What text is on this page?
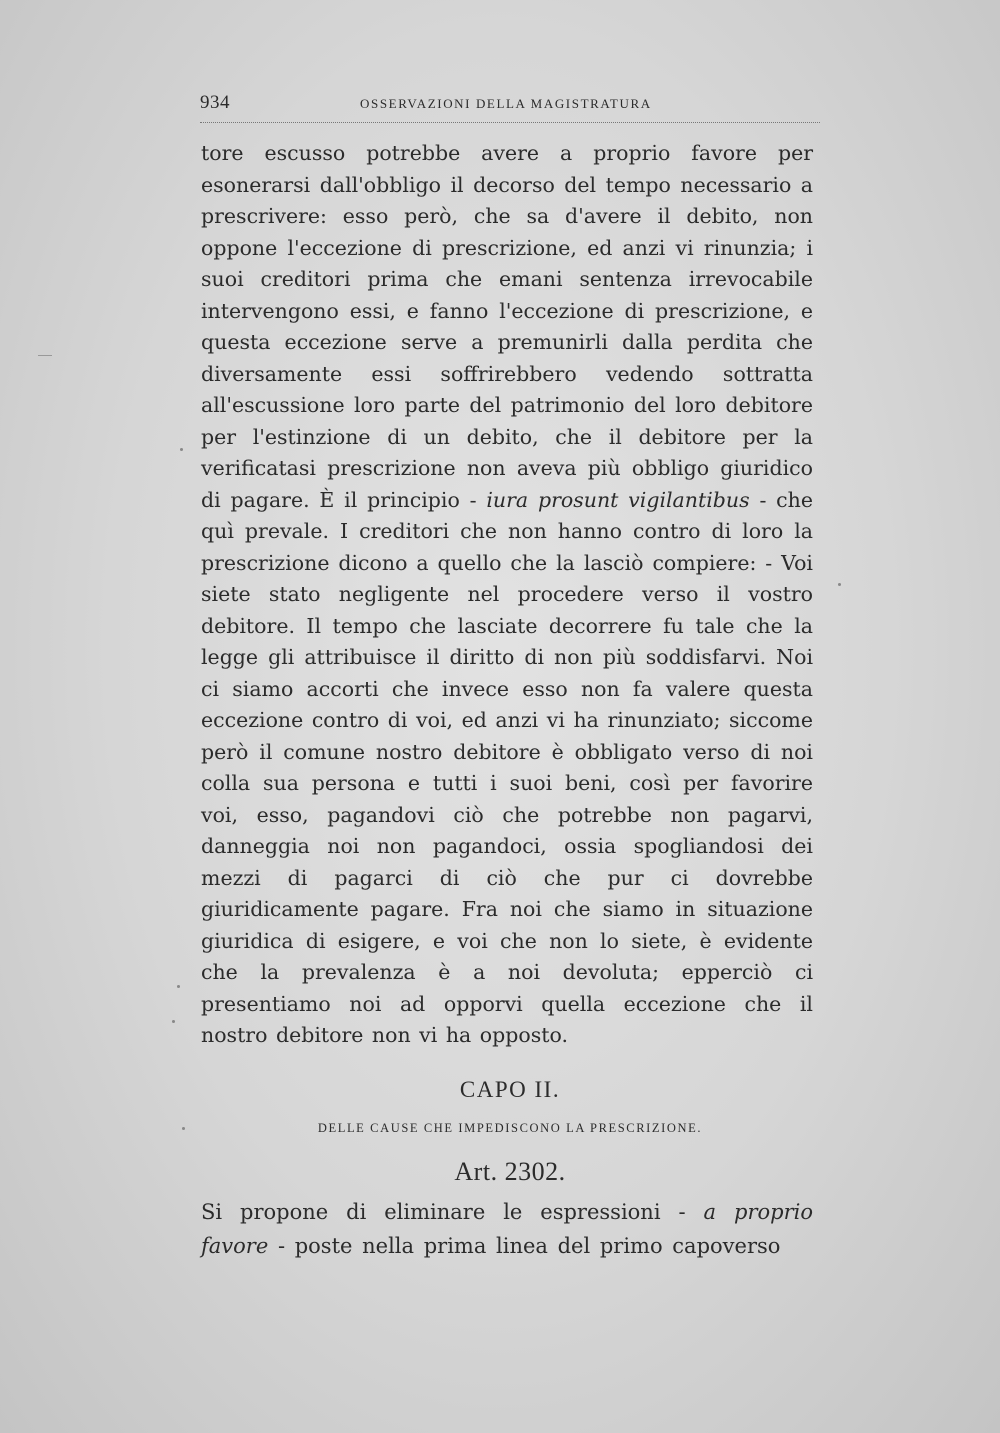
934	OSSERVAZIONI DELLA MAGISTRATURA

tore escusso potrebbe avere a proprio favore per esonerarsi dall'obbligo il decorso del tempo necessario a prescrivere: esso però, che sa d'avere il debito, non oppone l'eccezione di prescrizione, ed anzi vi rinunzia; i suoi creditori prima che emani sentenza irrevocabile intervengono essi, e fanno l'eccezione di prescrizione, e questa eccezione serve a premunirli dalla perdita che diversamente essi soffrirebbero vedendo sottratta all'escussione loro parte del patrimonio del loro debitore per l'estinzione di un debito, che il debitore per la verificatasi prescrizione non aveva più obbligo giuridico di pagare. È il principio - iura prosunt vigilantibus - che quì prevale. I creditori che non hanno contro di loro la prescrizione dicono a quello che la lasciò compiere: - Voi siete stato negligente nel procedere verso il vostro debitore. Il tempo che lasciate decorrere fu tale che la legge gli attribuisce il diritto di non più soddisfarvi. Noi ci siamo accorti che invece esso non fa valere questa eccezione contro di voi, ed anzi vi ha rinunziato; siccome però il comune nostro debitore è obbligato verso di noi colla sua persona e tutti i suoi beni, così per favorire voi, esso, pagandovi ciò che potrebbe non pagarvi, danneggia noi non pagandoci, ossia spogliandosi dei mezzi di pagarci di ciò che pur ci dovrebbe giuridicamente pagare. Fra noi che siamo in situazione giuridica di esigere, e voi che non lo siete, è evidente che la prevalenza è a noi devoluta; epperciò ci presentiamo noi ad opporvi quella eccezione che il nostro debitore non vi ha opposto.

CAPO II.
DELLE CAUSE CHE IMPEDISCONO LA PRESCRIZIONE.
Art. 2302.

Si propone di eliminare le espressioni - a proprio favore - poste nella prima linea del primo capoverso
